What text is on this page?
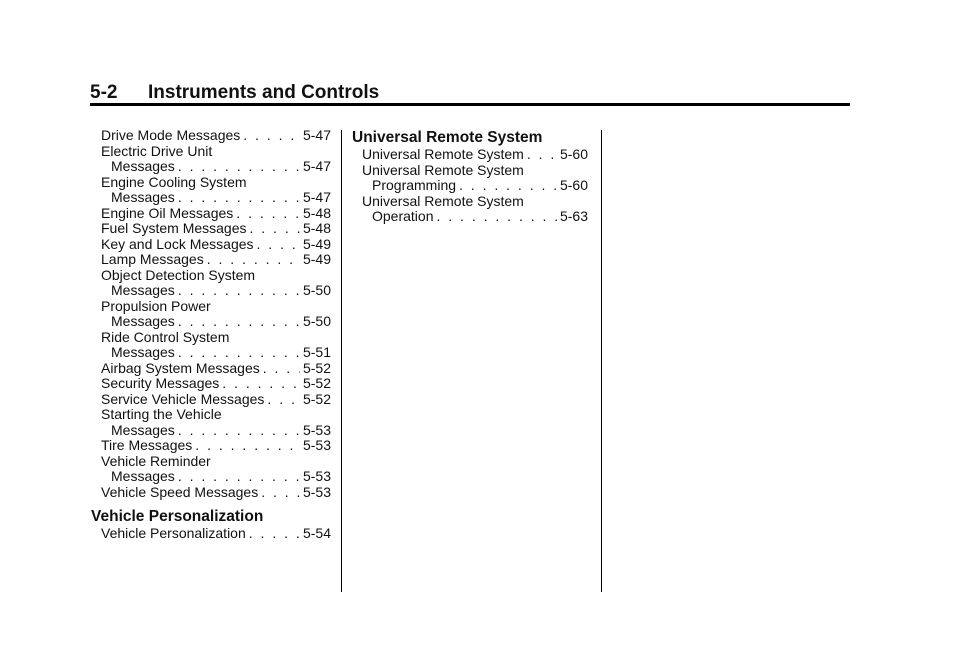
5-2 Instruments and Controls
Drive Mode Messages . . .	5-47
Electric Drive Unit
Messages . . .	5-47
Engine Cooling System
Messages . . .	5-47
Engine Oil Messages . . .	5-48
Fuel System Messages . . .	5-48
Key and Lock Messages . . .	5-49
Lamp Messages . . .	5-49
Object Detection System
Messages . . .	5-50
Propulsion Power
Messages . . .	5-50
Ride Control System
Messages . . .	5-51
Airbag System Messages . . .	5-52
Security Messages . . .	5-52
Service Vehicle Messages . . .	5-52
Starting the Vehicle
Messages . . .	5-53
Tire Messages . . .	5-53
Vehicle Reminder
Messages . . .	5-53
Vehicle Speed Messages . . .	5-53
Vehicle Personalization
Vehicle Personalization . . .	5-54
Universal Remote System
Universal Remote System . . .	5-60
Universal Remote System
Programming . . .	5-60
Universal Remote System
Operation . . .	5-63
